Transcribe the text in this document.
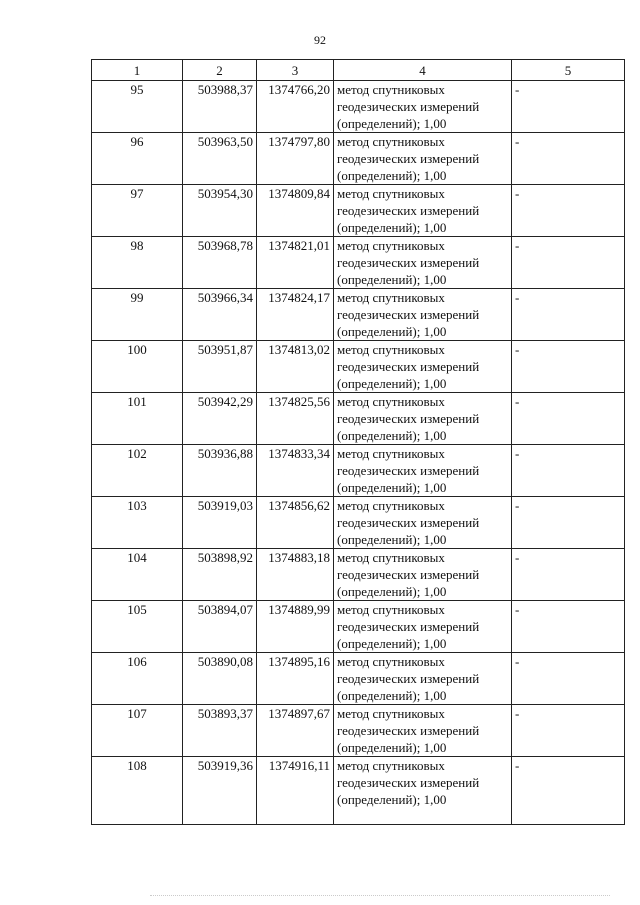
92
1	2	3	4	5
95	503988,37	1374766,20	метод спутниковых
геодезических измерений
(определений); 1,00	-
96	503963,50	1374797,80	метод спутниковых
геодезических измерений
(определений); 1,00	-
97	503954,30	1374809,84	метод спутниковых
геодезических измерений
(определений); 1,00	-
98	503968,78	1374821,01	метод спутниковых
геодезических измерений
(определений); 1,00	-
99	503966,34	1374824,17	метод спутниковых
геодезических измерений
(определений); 1,00	-
100	503951,87	1374813,02	метод спутниковых
геодезических измерений
(определений); 1,00	-
101	503942,29	1374825,56	метод спутниковых
геодезических измерений
(определений); 1,00	-
102	503936,88	1374833,34	метод спутниковых
геодезических измерений
(определений); 1,00	-
103	503919,03	1374856,62	метод спутниковых
геодезических измерений
(определений); 1,00	-
104	503898,92	1374883,18	метод спутниковых
геодезических измерений
(определений); 1,00	-
105	503894,07	1374889,99	метод спутниковых
геодезических измерений
(определений); 1,00	-
106	503890,08	1374895,16	метод спутниковых
геодезических измерений
(определений); 1,00	-
107	503893,37	1374897,67	метод спутниковых
геодезических измерений
(определений); 1,00	-
108	503919,36	1374916,11	метод спутниковых
геодезических измерений
(определений); 1,00	-
